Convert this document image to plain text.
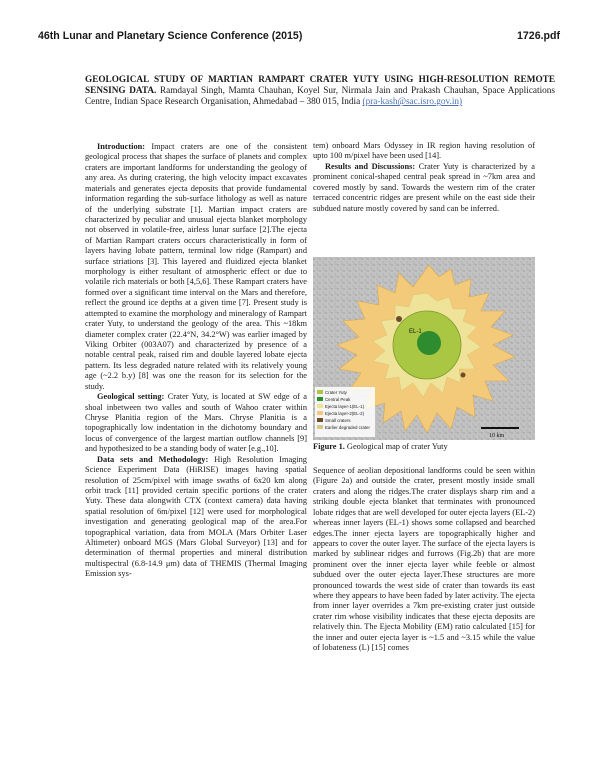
46th Lunar and Planetary Science Conference (2015)	1726.pdf
GEOLOGICAL STUDY OF MARTIAN RAMPART CRATER YUTY USING HIGH-RESOLUTION REMOTE SENSING DATA. Ramdayal Singh, Mamta Chauhan, Koyel Sur, Nirmala Jain and Prakash Chauhan, Space Applications Centre, Indian Space Research Organisation, Ahmedabad – 380 015, India (pra-kash@sac.isro.gov.in)

Introduction: Impact craters are one of the consistent geological process that shapes the surface of planets and complex craters are important landforms for understanding the geology of any area. As during cratering, the high velocity impact excavates materials and generates ejecta deposits that provide fundamental information regarding the sub-surface lithology as well as nature of the underlying substrate [1]. Martian impact craters are characterized by peculiar and unusual ejecta blanket morphology not observed in volatile-free, airless lunar surface [2].The ejecta of Martian Rampart craters occurs characteristically in form of layers having lobate pattern, terminal low ridge (Rampart) and surface striations [3]. This layered and fluidized ejecta blanket morphology is either resultant of atmospheric effect or due to volatile rich materials or both [4,5,6]. These Rampart craters have formed over a significant time interval on the Mars and therefore, reflect the ground ice depths at a given time [7]. Present study is attempted to examine the morphology and mineralogy of Rampart crater Yuty, to understand the geology of the area. This ~18km diameter complex crater (22.4°N, 34.2°W) was earlier imaged by Viking Orbiter (003A07) and characterized by presence of a notable central peak, raised rim and double layered lobate ejecta pattern. Its less degraded nature related with its relatively young age (~2.2 b.y) [8] was one the reason for its selection for the study.

Geological setting: Crater Yuty, is located at SW edge of a shoal inbetween two valles and south of Wahoo crater within Chryse Planitia region of the Mars. Chryse Planitia is a topographically low indentation in the dichotomy boundary and locus of convergence of the largest martian outflow channels [9] and hypothesized to be a standing body of water [e.g.,10].

Data sets and Methodology: High Resolution Imaging Science Experiment Data (HiRISE) images having spatial resolution of 25cm/pixel with image swaths of 6x20 km along orbit track [11] provided certain specific portions of the crater Yuty. These data alongwith CTX (context camera) data having spatial resolution of 6m/pixel [12] were used for morphological investigation and generating geological map of the area.For topographical variation, data from MOLA (Mars Orbiter Laser Altimeter) onboard MGS (Mars Global Surveyor) [13] and for determination of thermal properties and mineral distribution multispectral (6.8-14.9 μm) data of THEMIS (Thermal Imaging Emission sys-

tem) onboard Mars Odyssey in IR region having resolution of upto 100 m/pixel have been used [14].

Results and Discussions: Crater Yuty is characterized by a prominent conical-shaped central peak spread in ~7km area and covered mostly by sand. Towards the western rim of the crater terraced concentric ridges are present while on the east side their subdued nature mostly covered by sand can be inferred.

EL-1
Crater Yuty
Central Peak
Ejecta layer-1(EL-1)
Ejecta layer-2(EL-2)
Small craters
Earlier degraded crater
10 km
Figure 1. Geological map of crater Yuty

Sequence of aeolian depositional landforms could be seen within (Figure 2a) and outside the crater, present mostly inside small craters and along the ridges.The crater displays sharp rim and a striking double ejecta blanket that terminates with pronounced lobate ridges that are well developed for outer ejecta layers (EL-2) whereas inner layers (EL-1) shows some collapsed and bearched edges.The inner ejecta layers are topographically higher and appears to cover the outer layer. The surface of the ejecta layers is marked by sublinear ridges and furrows (Fig.2b) that are more prominent over the inner ejecta layer while feeble or almost subdued over the outer ejecta layer.These structures are more pronounced towards the west side of crater than towards its east where they appears to have been faded by later activity. The ejecta from inner layer overrides a 7km pre-existing crater just outside crater rim whose visibility indicates that these ejecta deposits are relatively thin. The Ejecta Mobility (EM) ratio calculated [15] for the inner and outer ejecta layer is ~1.5 and ~3.15 while the value of lobateness (L) [15] comes
